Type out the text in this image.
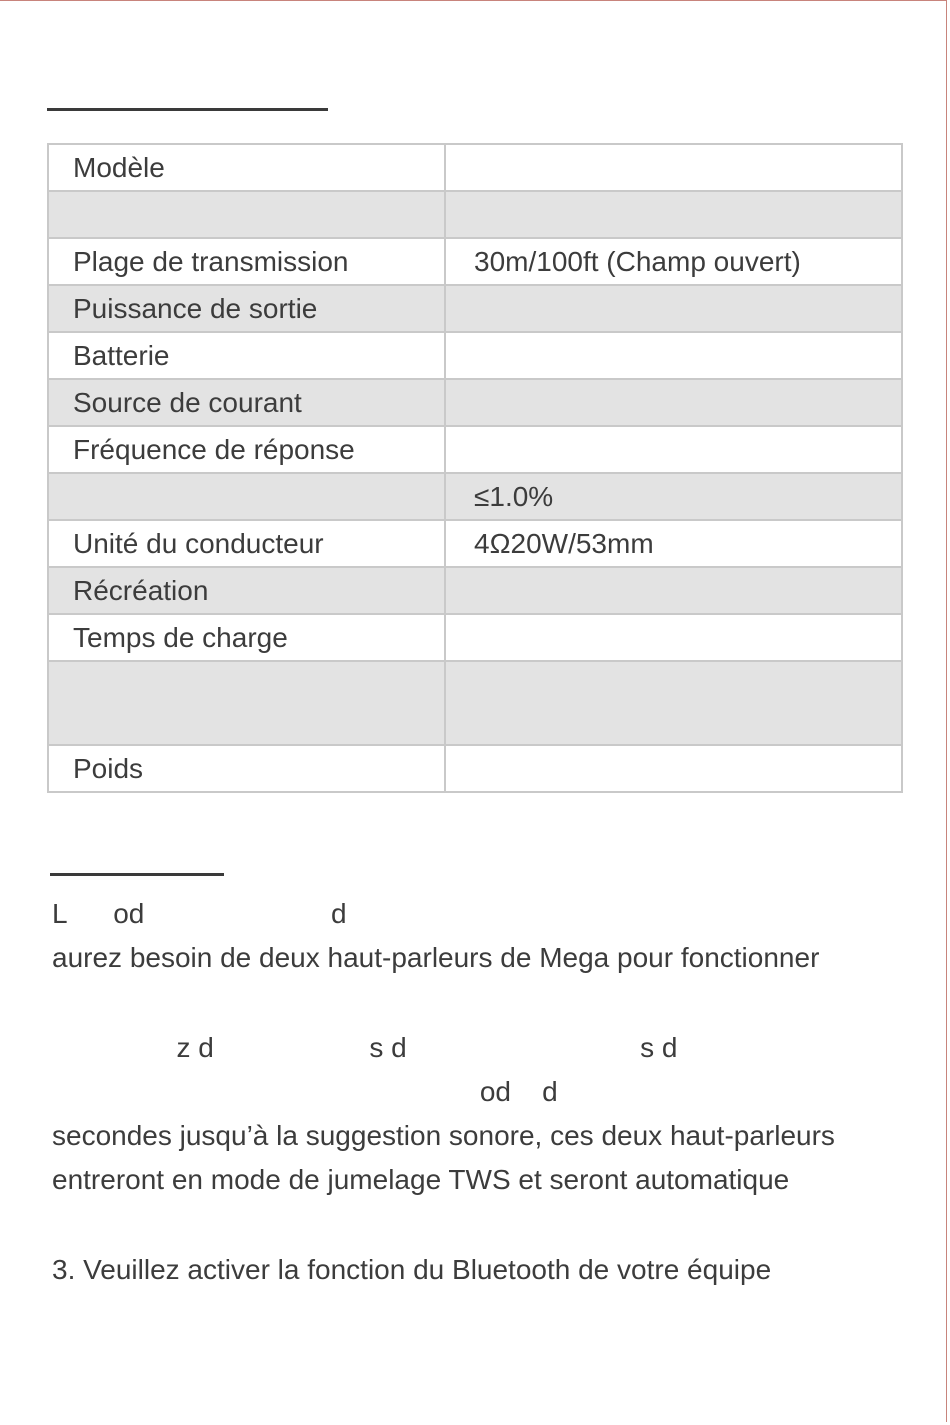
Modèle	

Plage de transmission	30m/100ft (Champ ouvert)
Puissance de sortie	
Batterie	
Source de courant	
Fréquence de réponse	
	≤1.0%
Unité du conducteur	4Ω20W/53mm
Récréation	
Temps de charge	

Poids	
L      od                        d
aurez besoin de deux haut-parleurs de Mega pour fonctionner
z d                    s d                              s d
od    d
secondes jusqu’à la suggestion sonore, ces deux haut-parleurs
entreront en mode de jumelage TWS et seront automatique
3. Veuillez activer la fonction du Bluetooth de votre équipe
